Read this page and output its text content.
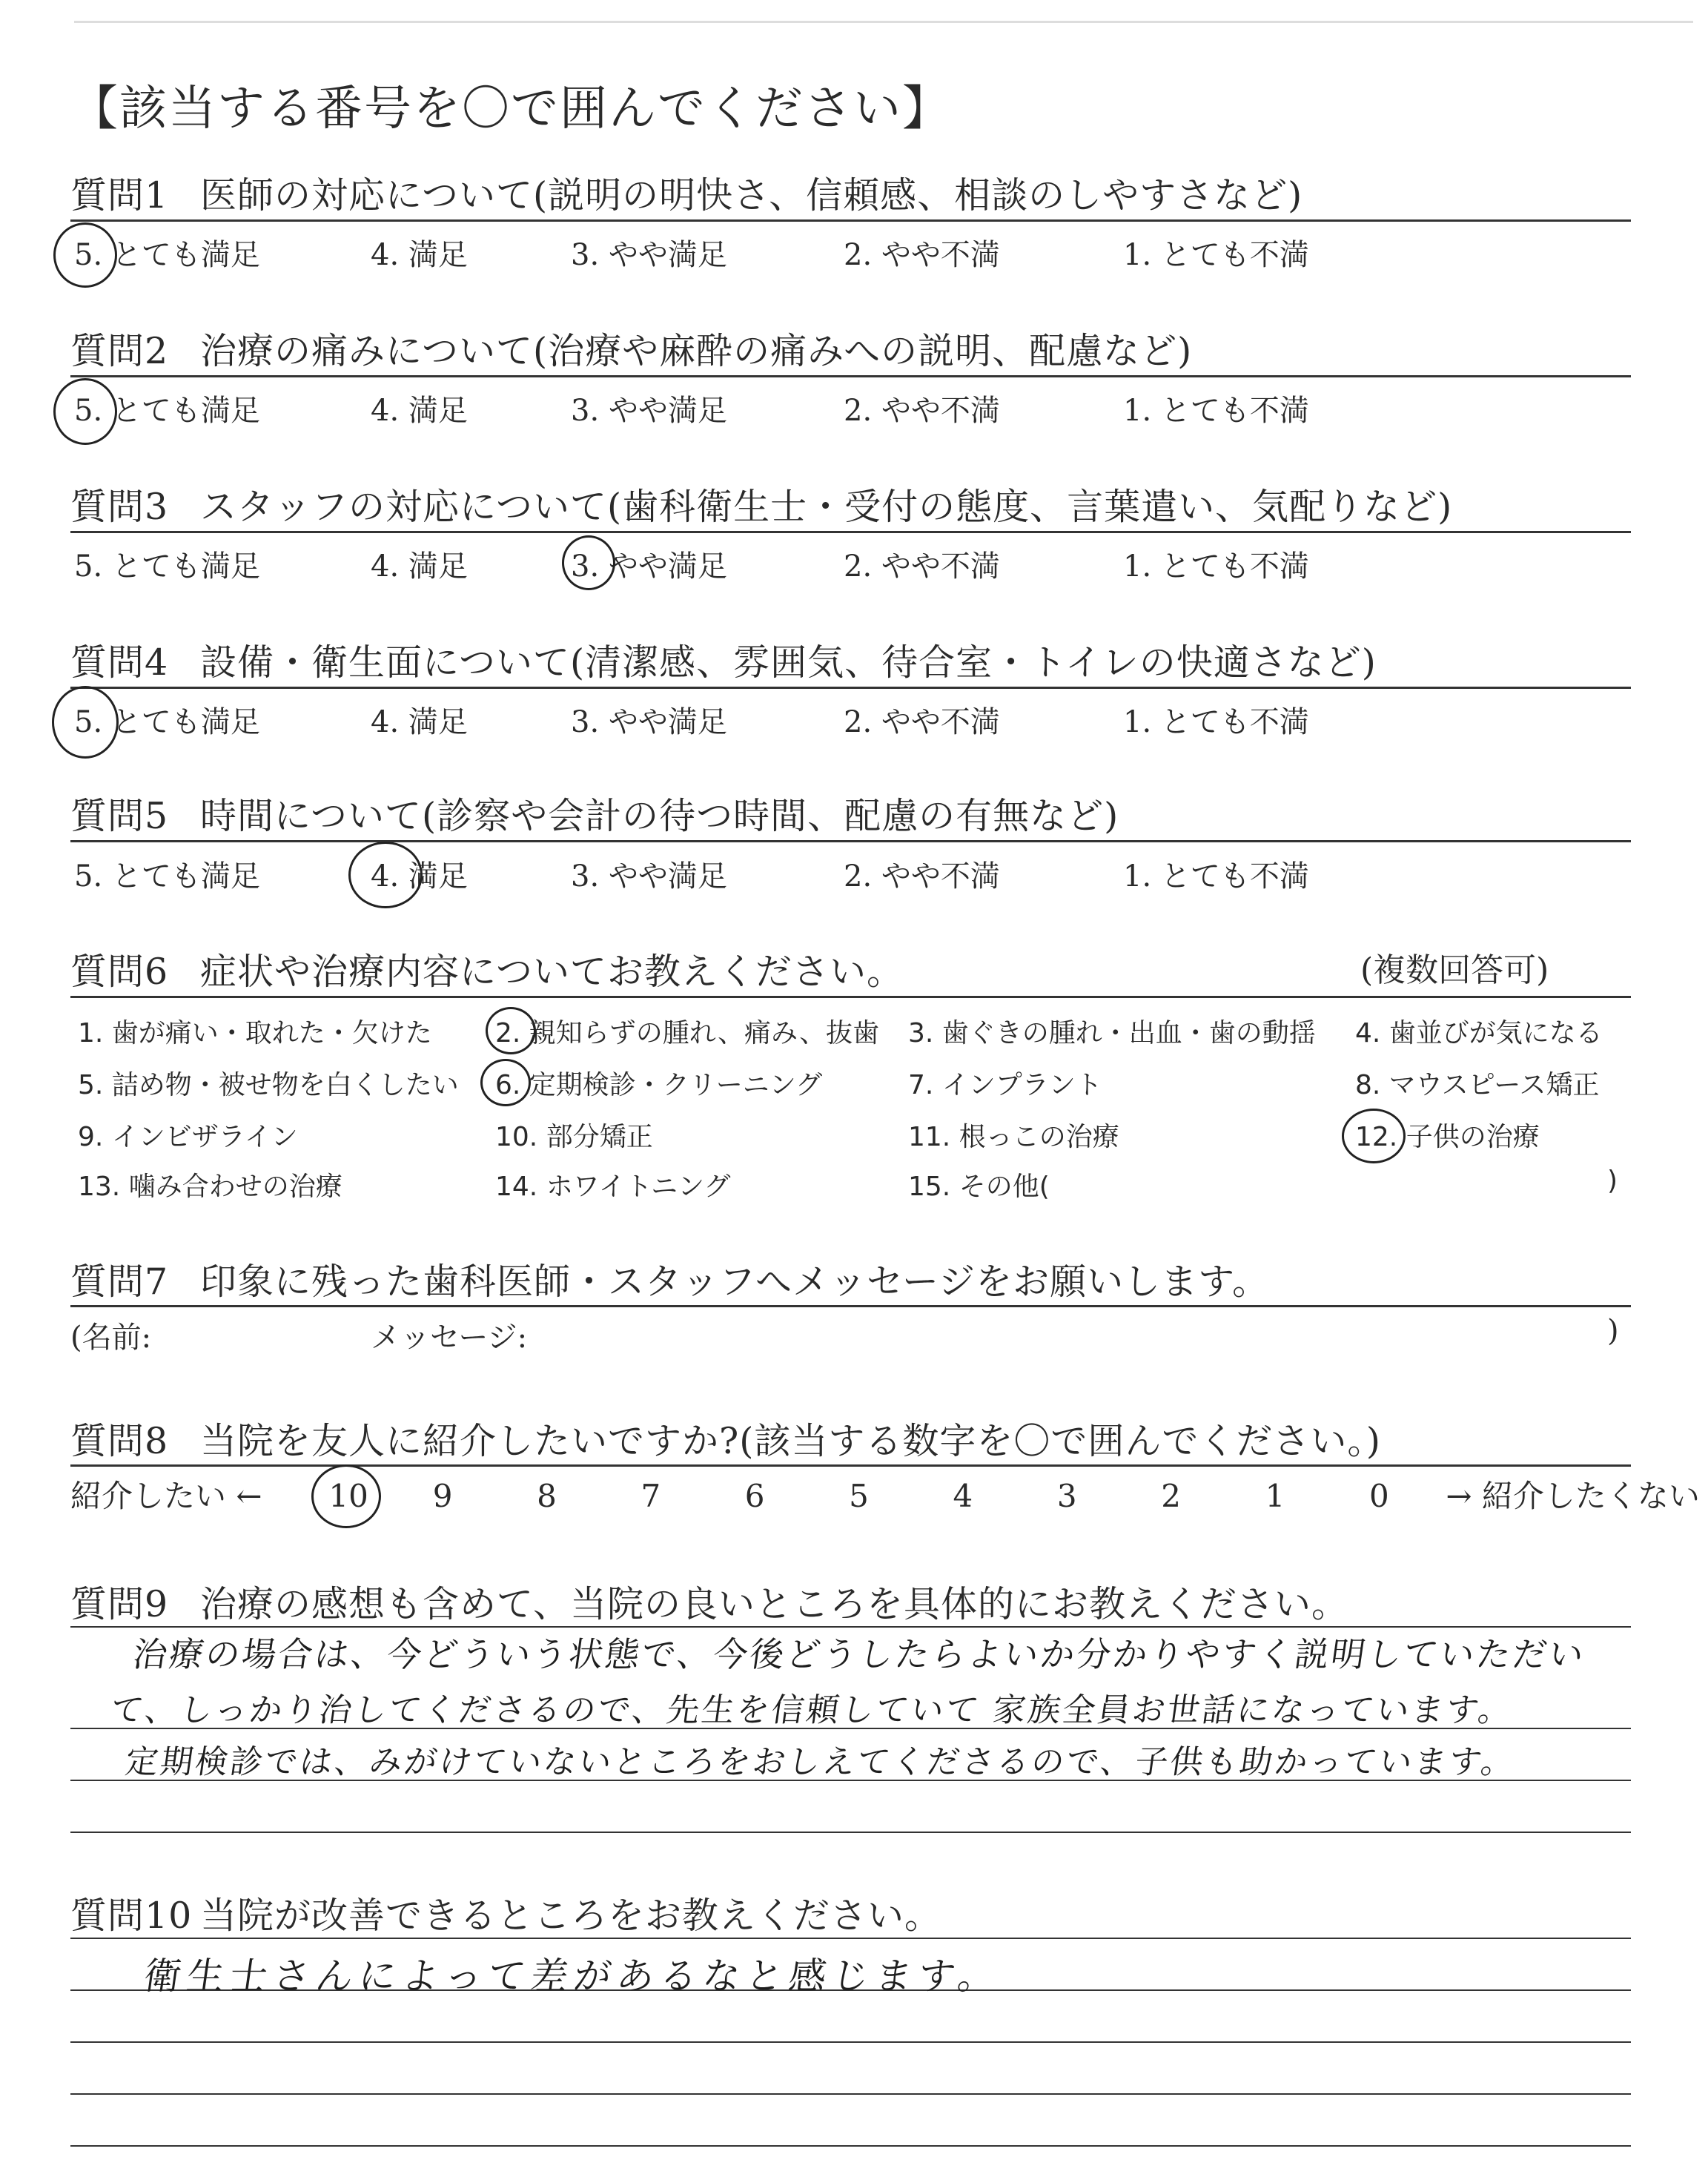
【該当する番号を〇で囲んでください】
質問1 医師の対応について(説明の明快さ、信頼感、相談のしやすさなど)
5. とても満足	4. 満足	3. やや満足	2. やや不満	1. とても不満
質問2 治療の痛みについて(治療や麻酔の痛みへの説明、配慮など)
5. とても満足	4. 満足	3. やや満足	2. やや不満	1. とても不満
質問3 スタッフの対応について(歯科衛生士・受付の態度、言葉遣い、気配りなど)
5. とても満足	4. 満足	3. やや満足	2. やや不満	1. とても不満
質問4 設備・衛生面について(清潔感、雰囲気、待合室・トイレの快適さなど)
5. とても満足	4. 満足	3. やや満足	2. やや不満	1. とても不満
質問5 時間について(診察や会計の待つ時間、配慮の有無など)
5. とても満足	4. 満足	3. やや満足	2. やや不満	1. とても不満
質問6 症状や治療内容についてお教えください。	(複数回答可)
1. 歯が痛い・取れた・欠けた 2. 親知らずの腫れ、痛み、抜歯 3. 歯ぐきの腫れ・出血・歯の動揺 4. 歯並びが気になる
5. 詰め物・被せ物を白くしたい 6. 定期検診・クリーニング	7. インプラント	8. マウスピース矯正
9. インビザライン	10. 部分矯正	11. 根っこの治療	12. 子供の治療
13. 噛み合わせの治療	14. ホワイトニング	15. その他(	)
質問7 印象に残った歯科医師・スタッフへメッセージをお願いします。
(名前:	メッセージ:	)
質問8 当院を友人に紹介したいですか?(該当する数字を〇で囲んでください。)
紹介したい ← 10 9	8	7	6	5	4	3	2	1	0 → 紹介したくない
質問9 治療の感想も含めて、当院の良いところを具体的にお教えください。
治療の場合は、今どういう状態で、今後どうしたらよいか分かりやすく説明していただい
て、しっかり治してくださるので、先生を信頼していて 家族全員お世話になっています。
定期検診では、みがけていないところをおしえてくださるので、子供も助かっています。
質問10 当院が改善できるところをお教えください。
衛生士さんによって差があるなと感じます。
